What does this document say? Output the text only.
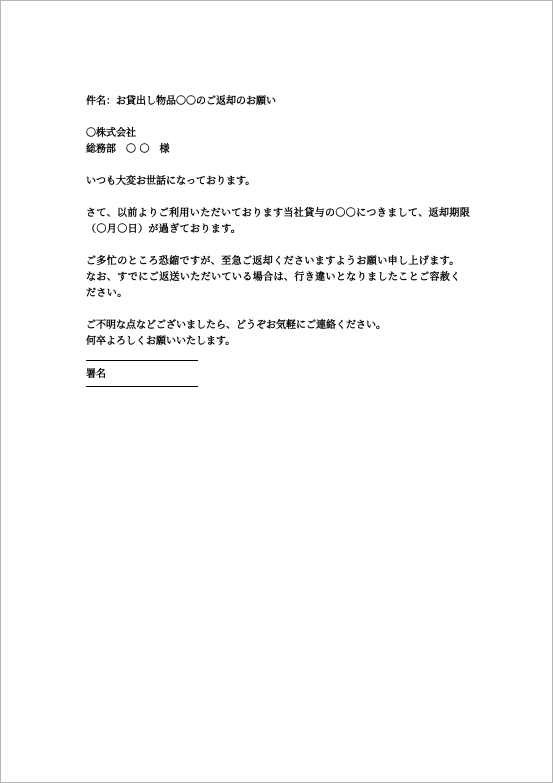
件名：お貸出し物品〇〇のご返却のお願い
〇株式会社
総務部　〇 〇　様
いつも大変お世話になっております。
さて、以前よりご利用いただいております当社貸与の〇〇につきまして、返却期限（〇月〇日）が過ぎております。
ご多忙のところ恐縮ですが、至急ご返却くださいますようお願い申し上げます。
なお、すでにご返送いただいている場合は、行き違いとなりましたことご容赦ください。
ご不明な点などございましたら、どうぞお気軽にご連絡ください。
何卒よろしくお願いいたします。
署名
